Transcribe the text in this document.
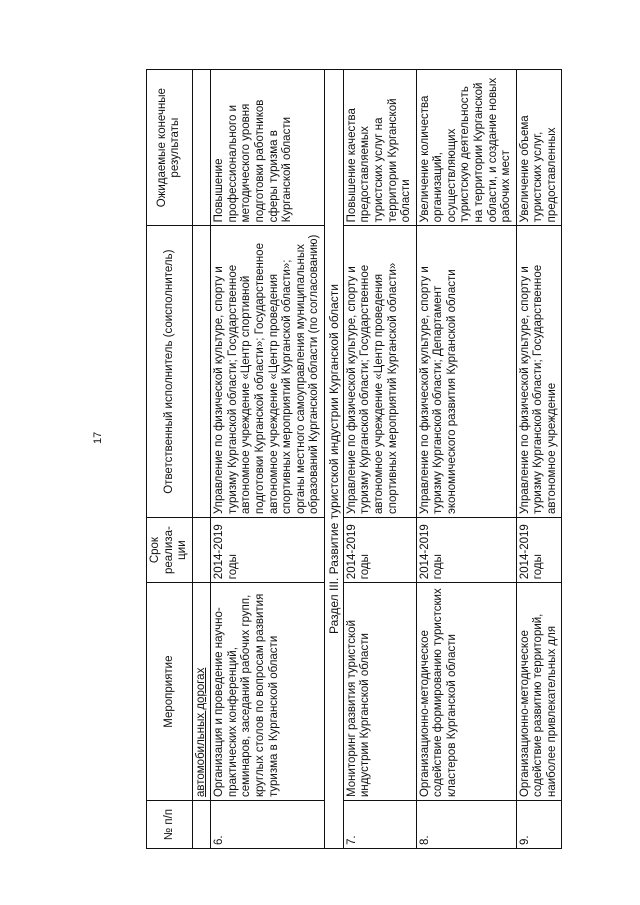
17
№ п/п	Мероприятие	Срок реализа-ции	Ответственный исполнитель (соисполнитель)	Ожидаемые конечные результаты
	автомобильных дорогах			
6.	Организация и проведение научно-практических конференций, семинаров, заседаний рабочих групп, круглых столов по вопросам развития туризма в Курганской области	2014-2019 годы	Управление по физической культуре, спорту и туризму Курганской области; Государственное автономное учреждение «Центр спортивной подготовки Курганской области»; Государственное автономное учреждение «Центр проведения спортивных мероприятий Курганской области»; органы местного самоуправления муниципальных образований Курганской области (по согласованию)	Повышение профессионального и методического уровня подготовки работников сферы туризма в Курганской области
Раздел III. Развитие туристской индустрии Курганской области				
7.	Мониторинг развития туристской индустрии Курганской области	2014-2019 годы	Управление по физической культуре, спорту и туризму Курганской области; Государственное автономное учреждение «Центр проведения спортивных мероприятий Курганской области»	Повышение качества предоставляемых туристских услуг на территории Курганской области
8.	Организационно-методическое содействие формированию туристских кластеров Курганской области	2014-2019 годы	Управление по физической культуре, спорту и туризму Курганской области; Департамент экономического развития Курганской области	Увеличение количества организаций, осуществляющих туристскую деятельность на территории Курганской области, и создание новых рабочих мест
9.	Организационно-методическое содействие развитию территорий, наиболее привлекательных для	2014-2019 годы	Управление по физической культуре, спорту и туризму Курганской области; Государственное автономное учреждение	Увеличение объема туристских услуг, предоставленных
